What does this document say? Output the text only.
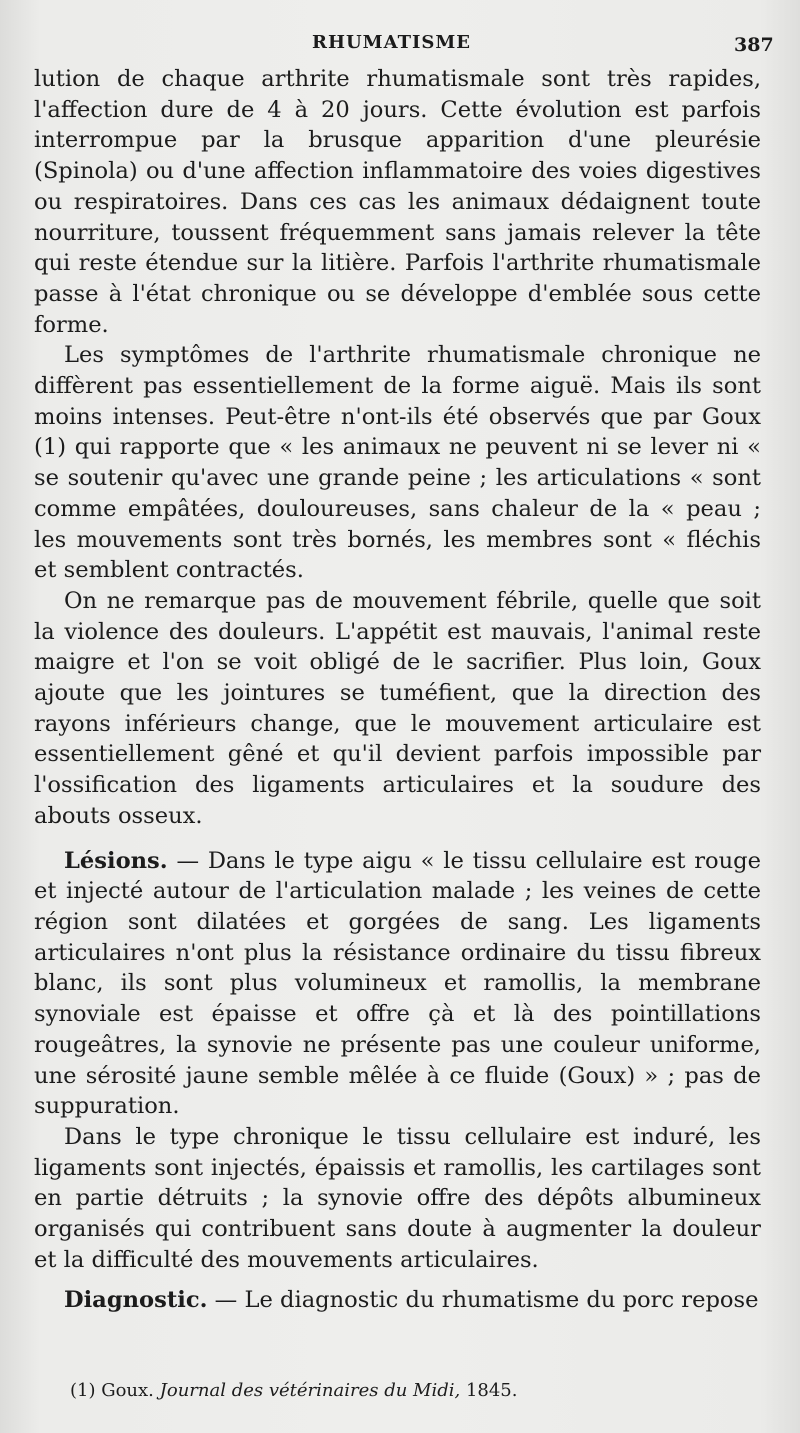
RHUMATISME	387

lution de chaque arthrite rhumatismale sont très rapides, l'affection dure de 4 à 20 jours. Cette évolution est parfois interrompue par la brusque apparition d'une pleurésie (Spinola) ou d'une affection inflammatoire des voies digestives ou respiratoires. Dans ces cas les animaux dédaignent toute nourriture, toussent fréquemment sans jamais relever la tête qui reste étendue sur la litière. Parfois l'arthrite rhumatismale passe à l'état chronique ou se développe d'emblée sous cette forme.

Les symptômes de l'arthrite rhumatismale chronique ne diffèrent pas essentiellement de la forme aiguë. Mais ils sont moins intenses. Peut-être n'ont-ils été observés que par Goux (1) qui rapporte que « les animaux ne peuvent ni se lever ni « se soutenir qu'avec une grande peine ; les articulations « sont comme empâtées, douloureuses, sans chaleur de la « peau ; les mouvements sont très bornés, les membres sont « fléchis et semblent contractés.

On ne remarque pas de mouvement fébrile, quelle que soit la violence des douleurs. L'appétit est mauvais, l'animal reste maigre et l'on se voit obligé de le sacrifier. Plus loin, Goux ajoute que les jointures se tuméfient, que la direction des rayons inférieurs change, que le mouvement articulaire est essentiellement gêné et qu'il devient parfois impossible par l'ossification des ligaments articulaires et la soudure des abouts osseux.

Lésions. — Dans le type aigu « le tissu cellulaire est rouge et injecté autour de l'articulation malade ; les veines de cette région sont dilatées et gorgées de sang. Les ligaments articulaires n'ont plus la résistance ordinaire du tissu fibreux blanc, ils sont plus volumineux et ramollis, la membrane synoviale est épaisse et offre çà et là des pointillations rougeâtres, la synovie ne présente pas une couleur uniforme, une sérosité jaune semble mêlée à ce fluide (Goux) » ; pas de suppuration.

Dans le type chronique le tissu cellulaire est induré, les ligaments sont injectés, épaissis et ramollis, les cartilages sont en partie détruits ; la synovie offre des dépôts albumineux organisés qui contribuent sans doute à augmenter la douleur et la difficulté des mouvements articulaires.

Diagnostic. — Le diagnostic du rhumatisme du porc repose

(1) Goux. Journal des vétérinaires du Midi, 1845.
